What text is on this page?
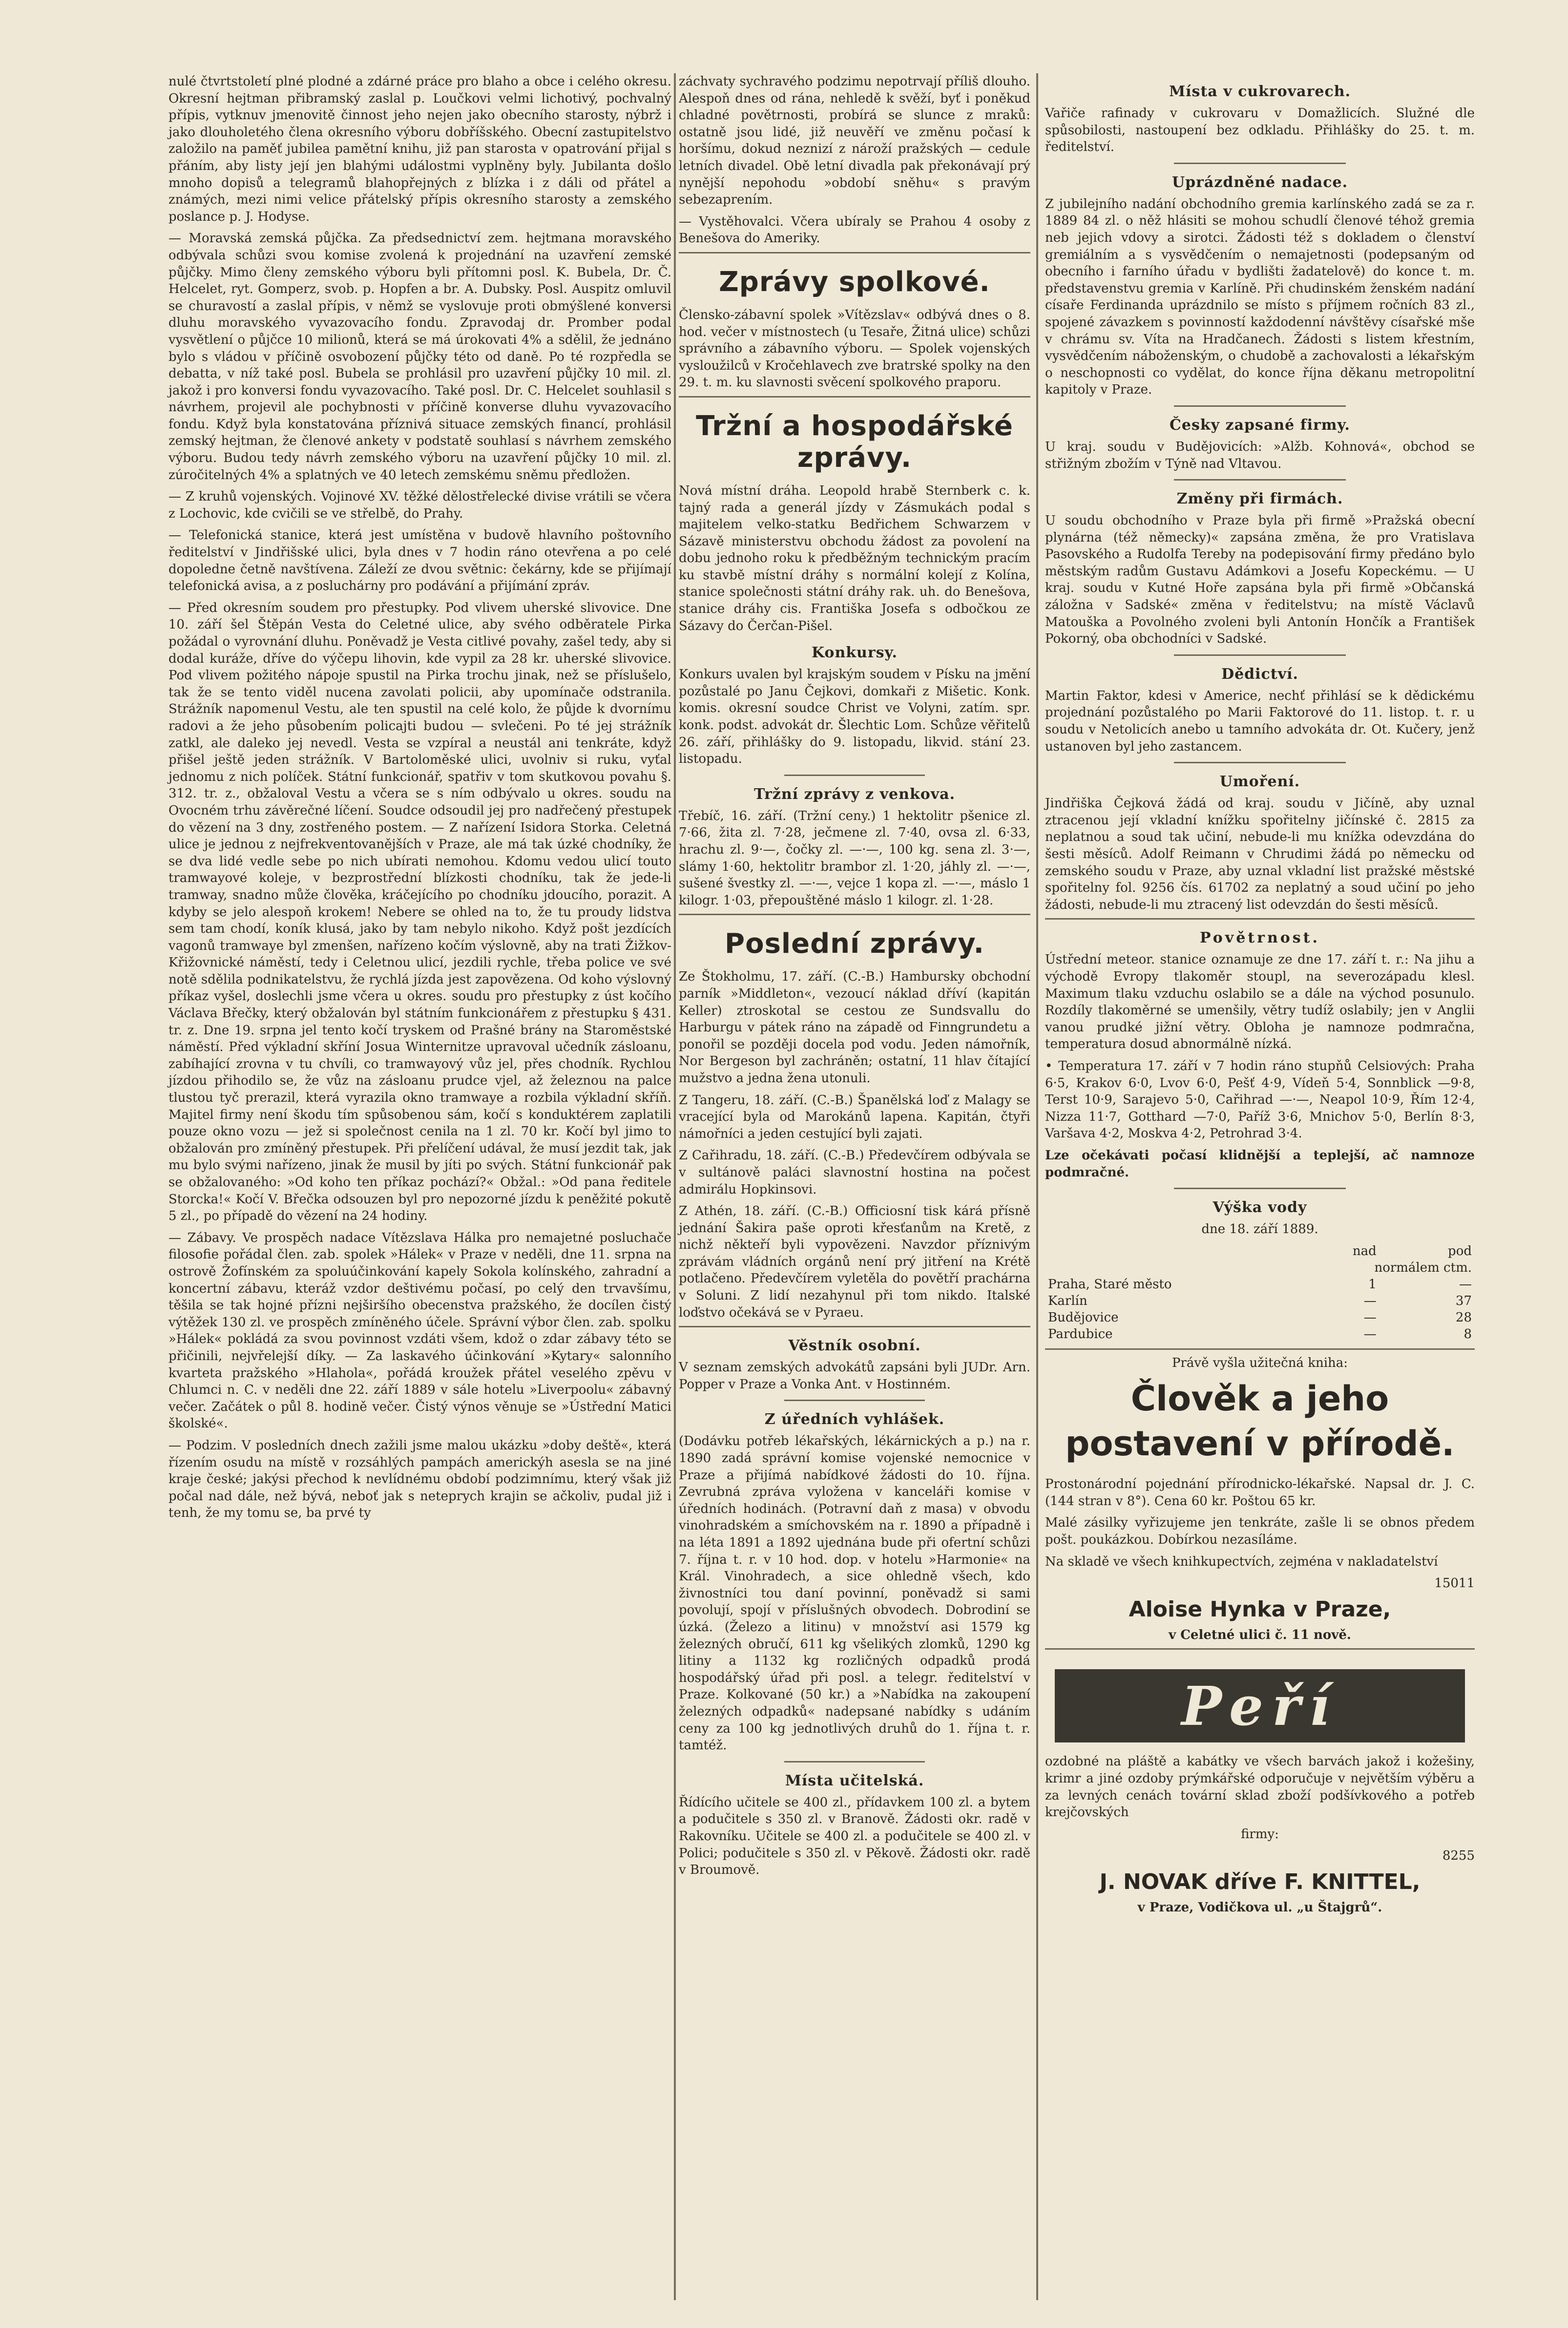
nulé čtvrtstoletí plné plodné a zdárné práce pro blaho a obce i celého okresu. Okresní hejtman přibramský zaslal p. Loučkovi velmi lichotivý, pochvalný přípis, vytknuv jmenovitě činnost jeho nejen jako obecního starosty, nýbrž i jako dlouholetého člena okresního výboru dobříšského. Obecní zastupitelstvo založilo na paměť jubilea pamětní knihu, již pan starosta v opatrování přijal s přáním, aby listy její jen blahými událostmi vyplněny byly. Jubilanta došlo mnoho dopisů a telegramů blahopřejných z blízka i z dáli od přátel a známých, mezi nimi velice přátelský přípis okresního starosty a zemského poslance p. J. Hodyse.

— Moravská zemská půjčka. Za předsednictví zem. hejtmana moravského odbývala schůzi svou komise zvolená k projednání na uzavření zemské půjčky. Mimo členy zemského výboru byli přítomni posl. K. Bubela, Dr. Č. Helcelet, ryt. Gomperz, svob. p. Hopfen a br. A. Dubsky. Posl. Auspitz omluvil se churavostí a zaslal přípis, v němž se vyslovuje proti obmýšlené konversi dluhu moravského vyvazovacího fondu. Zpravodaj dr. Promber podal vysvětlení o půjčce 10 milionů, která se má úrokovati 4% a sdělil, že jednáno bylo s vládou v příčině osvobození půjčky této od daně. Po té rozpředla se debatta, v níž také posl. Bubela se prohlásil pro uzavření půjčky 10 mil. zl. jakož i pro konversi fondu vyvazovacího. Také posl. Dr. C. Helcelet souhlasil s návrhem, projevil ale pochybnosti v příčině konverse dluhu vyvazovacího fondu. Když byla konstatována příznivá situace zemských financí, prohlásil zemský hejtman, že členové ankety v podstatě souhlasí s návrhem zemského výboru. Budou tedy návrh zemského výboru na uzavření půjčky 10 mil. zl. zúročitelných 4% a splatných ve 40 letech zemskému sněmu předložen.

— Z kruhů vojenských. Vojinové XV. těžké dělostřelecké divise vrátili se včera z Lochovic, kde cvičili se ve střelbě, do Prahy.

— Telefonická stanice, která jest umístěna v budově hlavního poštovního ředitelství v Jindřišské ulici, byla dnes v 7 hodin ráno otevřena a po celé dopoledne četně navštívena. Záleží ze dvou světnic: čekárny, kde se přijímají telefonická avisa, a z posluchárny pro podávání a přijímání zpráv.

— Před okresním soudem pro přestupky. Pod vlivem uherské slivovice. Dne 10. září šel Štěpán Vesta do Celetné ulice, aby svého odběratele Pirka požádal o vyrovnání dluhu. Poněvadž je Vesta citlivé povahy, zašel tedy, aby si dodal kuráže, dříve do výčepu lihovin, kde vypil za 28 kr. uherské slivovice. Pod vlivem požitého nápoje spustil na Pirka trochu jinak, než se příslušelo, tak že se tento viděl nucena zavolati policii, aby upomínače odstranila. Strážník napomenul Vestu, ale ten spustil na celé kolo, že půjde k dvornímu radovi a že jeho působením policajti budou — svlečeni. Po té jej strážník zatkl, ale daleko jej nevedl. Vesta se vzpíral a neustál ani tenkráte, když přišel ještě jeden strážník. V Bartoloměské ulici, uvolniv si ruku, vyťal jednomu z nich políček. Státní funkcionář, spatřiv v tom skutkovou povahu §. 312. tr. z., obžaloval Vestu a včera se s ním odbývalo u okres. soudu na Ovocném trhu závěrečné líčení. Soudce odsoudil jej pro nadřečený přestupek do vězení na 3 dny, zostřeného postem. — Z nařízení Isidora Storka. Celetná ulice je jednou z nejfrekventovanějších v Praze, ale má tak úzké chodníky, že se dva lidé vedle sebe po nich ubírati nemohou. Kdomu vedou ulicí touto tramwayové koleje, v bezprostřední blízkosti chodníku, tak že jede-li tramway, snadno může člověka, kráčejícího po chodníku jdoucího, porazit. A kdyby se jelo alespoň krokem! Nebere se ohled na to, že tu proudy lidstva sem tam chodí, koník klusá, jako by tam nebylo nikoho. Když pošt jezdících vagonů tramwaye byl zmenšen, nařízeno kočím výslovně, aby na trati Žižkov-Křižovnické náměstí, tedy i Celetnou ulicí, jezdili rychle, třeba police ve své notě sdělila podnikatelstvu, že rychlá jízda jest zapovězena. Od koho výslovný příkaz vyšel, doslechli jsme včera u okres. soudu pro přestupky z úst kočího Václava Břečky, který obžalován byl státním funkcionářem z přestupku § 431. tr. z. Dne 19. srpna jel tento kočí tryskem od Prašné brány na Staroměstské náměstí. Před výkladní skříní Josua Winternitze upravoval učedník zásloanu, zabíhající zrovna v tu chvíli, co tramwayový vůz jel, přes chodník. Rychlou jízdou přihodilo se, že vůz na zásloanu prudce vjel, až železnou na palce tlustou tyč prerazil, která vyrazila okno tramwaye a rozbila výkladní skříň. Majitel firmy není škodu tím spůsobenou sám, kočí s konduktérem zaplatili pouze okno vozu — jež si společnost cenila na 1 zl. 70 kr. Kočí byl jimo to obžalován pro zmíněný přestupek. Při přelíčení udával, že musí jezdit tak, jak mu bylo svými nařízeno, jinak že musil by jíti po svých. Státní funkcionář pak se obžalovaného: »Od koho ten příkaz pochází?« Obžal.: »Od pana ředitele Storcka!« Kočí V. Břečka odsouzen byl pro nepozorné jízdu k peněžité pokutě 5 zl., po případě do vězení na 24 hodiny.

— Zábavy. Ve prospěch nadace Vítězslava Hálka pro nemajetné posluchače filosofie pořádal člen. zab. spolek »Hálek« v Praze v neděli, dne 11. srpna na ostrově Žofínském za spoluúčinkování kapely Sokola kolínského, zahradní a koncertní zábavu, kteráž vzdor deštivému počasí, po celý den trvavšímu, těšila se tak hojné přízni nejširšího obecenstva pražského, že docílen čistý výtěžek 130 zl. ve prospěch zmíněného účele. Správní výbor člen. zab. spolku »Hálek« pokládá za svou povinnost vzdáti všem, kdož o zdar zábavy této se přičinili, nejvřelejší díky. — Za laskavého účinkování »Kytary« salonního kvarteta pražského »Hlahola«, pořádá kroužek přátel veselého zpěvu v Chlumci n. C. v neděli dne 22. září 1889 v sále hotelu »Liverpoolu« zábavný večer. Začátek o půl 8. hodině večer. Čistý výnos věnuje se »Ústřední Matici školské«.

— Podzim. V posledních dnech zažili jsme malou ukázku »doby deště«, která řízením osudu na místě v rozsáhlých pampách americkýh asesla se na jiné kraje české; jakýsi přechod k nevlídnému období podzimnímu, který však již počal nad dále, než bývá, neboť jak s neteprych krajin se ačkoliv, pudal již i tenh, že my tomu se, ba prvé ty

záchvaty sychravého podzimu nepotrvají příliš dlouho. Alespoň dnes od rána, nehledě k svěží, byť i poněkud chladné povětrnosti, probírá se slunce z mraků: ostatně jsou lidé, již neuvěří ve změnu počasí k horšímu, dokud neznizí z nároží pražských — cedule letních divadel. Obě letní divadla pak překonávají prý nynější nepohodu »období sněhu« s pravým sebezaprením.

— Vystěhovalci. Včera ubíraly se Prahou 4 osoby z Benešova do Ameriky.

Zprávy spolkové.

Člensko-zábavní spolek »Vítězslav« odbývá dnes o 8. hod. večer v místnostech (u Tesaře, Žitná ulice) schůzi správního a zábavního výboru. — Spolek vojenských vysloužilců v Kročehlavech zve bratrské spolky na den 29. t. m. ku slavnosti svěcení spolkového praporu.

Tržní a hospodářské zprávy.

Nová místní dráha. Leopold hrabě Sternberk c. k. tajný rada a generál jízdy v Zásmukách podal s majitelem velko-statku Bedřichem Schwarzem v Sázavě ministerstvu obchodu žádost za povolení na dobu jednoho roku k předběžným technickým pracím ku stavbě místní dráhy s normální kolejí z Kolína, stanice společnosti státní dráhy rak. uh. do Benešova, stanice dráhy cis. Františka Josefa s odbočkou ze Sázavy do Čerčan-Pišel.

Konkursy.

Konkurs uvalen byl krajským soudem v Písku na jmění pozůstalé po Janu Čejkovi, domkaři z Mišetic. Konk. komis. okresní soudce Christ ve Volyni, zatím. spr. konk. podst. advokát dr. Šlechtic Lom. Schůze věřitelů 26. září, přihlášky do 9. listopadu, likvid. stání 23. listopadu.

Tržní zprávy z venkova.

Třebíč, 16. září. (Tržní ceny.) 1 hektolitr pšenice zl. 7·66, žita zl. 7·28, ječmene zl. 7·40, ovsa zl. 6·33, hrachu zl. 9·—, čočky zl. —·—, 100 kg. sena zl. 3·—, slámy 1·60, hektolitr brambor zl. 1·20, jáhly zl. —·—, sušené švestky zl. —·—, vejce 1 kopa zl. —·—, máslo 1 kilogr. 1·03, přepouštěné máslo 1 kilogr. zl. 1·28.

Poslední zprávy.

Ze Štokholmu, 17. září. (C.-B.) Hambursky obchodní parník »Middleton«, vezoucí náklad dříví (kapitán Keller) ztroskotal se cestou ze Sundsvallu do Harburgu v pátek ráno na západě od Finngrundetu a ponořil se později docela pod vodu. Jeden námořník, Nor Bergeson byl zachráněn; ostatní, 11 hlav čítající mužstvo a jedna žena utonuli.

Z Tangeru, 18. září. (C.-B.) Španělská loď z Malagy se vracející byla od Marokánů lapena. Kapitán, čtyři námořníci a jeden cestující byli zajati.

Z Cařihradu, 18. září. (C.-B.) Předevčírem odbývala se v sultánově paláci slavnostní hostina na počest admirálu Hopkinsovi.

Z Athén, 18. září. (C.-B.) Officiosní tisk kárá přísně jednání Šakira paše oproti křesťanům na Kretě, z nichž někteří byli vypovězeni. Navzdor příznivým zprávám vládních orgánů není prý jitření na Krétě potlačeno. Předevčírem vyletěla do povětří prachárna v Soluni. Z lidí nezahynul při tom nikdo. Italské loďstvo očekává se v Pyraeu.

Věstník osobní.

V seznam zemských advokátů zapsáni byli JUDr. Arn. Popper v Praze a Vonka Ant. v Hostinném.

Z úředních vyhlášek.

(Dodávku potřeb lékařských, lékárnických a p.) na r. 1890 zadá správní komise vojenské nemocnice v Praze a přijímá nabídkové žádosti do 10. října. Zevrubná zpráva vyložena v kanceláři komise v úředních hodinách. (Potravní daň z masa) v obvodu vinohradském a smíchovském na r. 1890 a případně i na léta 1891 a 1892 ujednána bude při ofertní schůzi 7. října t. r. v 10 hod. dop. v hotelu »Harmonie« na Král. Vinohradech, a sice ohledně všech, kdo živnostníci tou daní povinní, poněvadž si sami povolují, spojí v příslušných obvodech. Dobrodiní se úzká. (Železo a litinu) v množství asi 1579 kg železných obručí, 611 kg všelikých zlomků, 1290 kg litiny a 1132 kg rozličných odpadků prodá hospodářský úřad při posl. a telegr. ředitelství v Praze. Kolkované (50 kr.) a »Nabídka na zakoupení železných odpadků« nadepsané nabídky s udáním ceny za 100 kg jednotlivých druhů do 1. října t. r. tamtéž.

Místa učitelská.

Řídícího učitele se 400 zl., přídavkem 100 zl. a bytem a podučitele s 350 zl. v Branově. Žádosti okr. radě v Rakovníku. Učitele se 400 zl. a podučitele se 400 zl. v Polici; podučitele s 350 zl. v Pěkově. Žádosti okr. radě v Broumově.

Místa v cukrovarech.

Vařiče rafinady v cukrovaru v Domažlicích. Služné dle spůsobilosti, nastoupení bez odkladu. Přihlášky do 25. t. m. ředitelství.

Uprázdněné nadace.

Z jubilejního nadání obchodního gremia karlínského zadá se za r. 1889 84 zl. o něž hlásiti se mohou schudlí členové téhož gremia neb jejich vdovy a sirotci. Žádosti též s dokladem o členství gremiálním a s vysvědčením o nemajetnosti (podepsaným od obecního i farního úřadu v bydlišti žadatelově) do konce t. m. představenstvu gremia v Karlíně. Při chudinském ženském nadání císaře Ferdinanda uprázdnilo se místo s příjmem ročních 83 zl., spojené závazkem s povinností každodenní návštěvy císařské mše v chrámu sv. Víta na Hradčanech. Žádosti s listem křestním, vysvědčením náboženským, o chudobě a zachovalosti a lékařským o neschopnosti co vydělat, do konce října děkanu metropolitní kapitoly v Praze.

Česky zapsané firmy.

U kraj. soudu v Budějovicích: »Alžb. Kohnová«, obchod se střižným zbožím v Týně nad Vltavou.

Změny při firmách.

U soudu obchodního v Praze byla při firmě »Pražská obecní plynárna (též německy)« zapsána změna, že pro Vratislava Pasovského a Rudolfa Tereby na podepisování firmy předáno bylo městským radům Gustavu Adámkovi a Josefu Kopeckému. — U kraj. soudu v Kutné Hoře zapsána byla při firmě »Občanská záložna v Sadské« změna v ředitelstvu; na místě Václavů Matouška a Povolného zvoleni byli Antonín Hončík a František Pokorný, oba obchodníci v Sadské.

Dědictví.

Martin Faktor, kdesi v Americe, nechť přihlásí se k dědickému projednání pozůstalého po Marii Faktorové do 11. listop. t. r. u soudu v Netolicích anebo u tamního advokáta dr. Ot. Kučery, jenž ustanoven byl jeho zastancem.

Umoření.

Jindřiška Čejková žádá od kraj. soudu v Jičíně, aby uznal ztracenou její vkladní knížku spořitelny jičínské č. 2815 za neplatnou a soud tak učiní, nebude-li mu knížka odevzdána do šesti měsíců. Adolf Reimann v Chrudimi žádá po německu od zemského soudu v Praze, aby uznal vkladní list pražské městské spořitelny fol. 9256 čís. 61702 za neplatný a soud učiní po jeho žádosti, nebude-li mu ztracený list odevzdán do šesti měsíců.

Povětrnost.

Ústřední meteor. stanice oznamuje ze dne 17. září t. r.: Na jihu a východě Evropy tlakoměr stoupl, na severozápadu klesl. Maximum tlaku vzduchu oslabilo se a dále na východ posunulo. Rozdíly tlakoměrné se umenšily, větry tudíž oslabily; jen v Anglii vanou prudké jižní větry. Obloha je namnoze podmračna, temperatura dosud abnormálně nízká.

• Temperatura 17. září v 7 hodin ráno stupňů Celsiových: Praha 6·5, Krakov 6·0, Lvov 6·0, Pešť 4·9, Vídeň 5·4, Sonnblick —9·8, Terst 10·9, Sarajevo 5·0, Cařihrad —·—, Neapol 10·9, Řím 12·4, Nizza 11·7, Gotthard —7·0, Paříž 3·6, Mnichov 5·0, Berlín 8·3, Varšava 4·2, Moskva 4·2, Petrohrad 3·4.

Lze očekávati počasí klidnější a teplejší, ač namnoze podmračné.

Výška vody

dne 18. září 1889.

	nad	pod
	normálem ctm.	
Praha, Staré město	1	—
Karlín	—	37
Budějovice	—	28
Pardubice	—	8

Právě vyšla užitečná kniha:

Člověk a jeho postavení v přírodě.

Prostonárodní pojednání přírodnicko-lékařské. Napsal dr. J. C. (144 stran v 8°). Cena 60 kr. Poštou 65 kr.

Malé zásilky vyřizujeme jen tenkráte, zašle li se obnos předem pošt. poukázkou. Dobírkou nezasíláme.

Na skladě ve všech knihkupectvích, zejména v nakladatelství

15011

Aloise Hynka v Praze,

v Celetné ulici č. 11 nově.

Peří

ozdobné na pláště a kabátky ve všech barvách jakož i kožešiny, krimr a jiné ozdoby prýmkářské odporučuje v největším výběru a za levných cenách tovární sklad zboží podšívkového a potřeb krejčovských

firmy:

8255

J. NOVAK dříve F. KNITTEL,

v Praze, Vodičkova ul. „u Štajgrů“.
